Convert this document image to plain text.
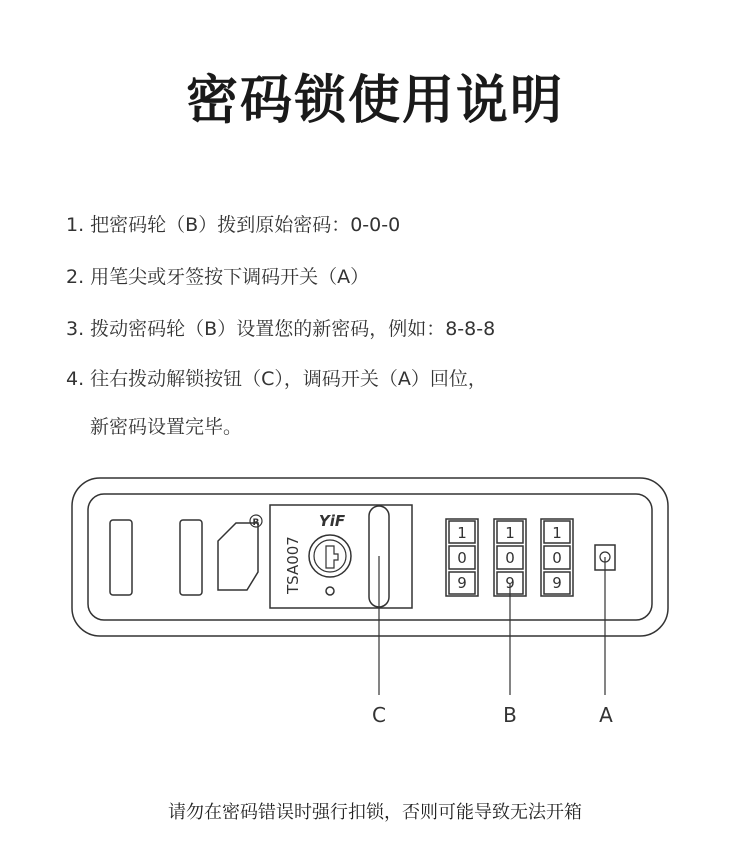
密码锁使用说明
1. 把密码轮（B）拨到原始密码：0-0-0
2. 用笔尖或牙签按下调码开关（A）
3. 拨动密码轮（B）设置您的新密码，例如：8-8-8
4. 往右拨动解锁按钮（C），调码开关（A）回位，
新密码设置完毕。
R	YiF
TSA007
1
0
9
1
0
9
1
0
9
C	B	A
请勿在密码错误时强行扣锁，否则可能导致无法开箱
